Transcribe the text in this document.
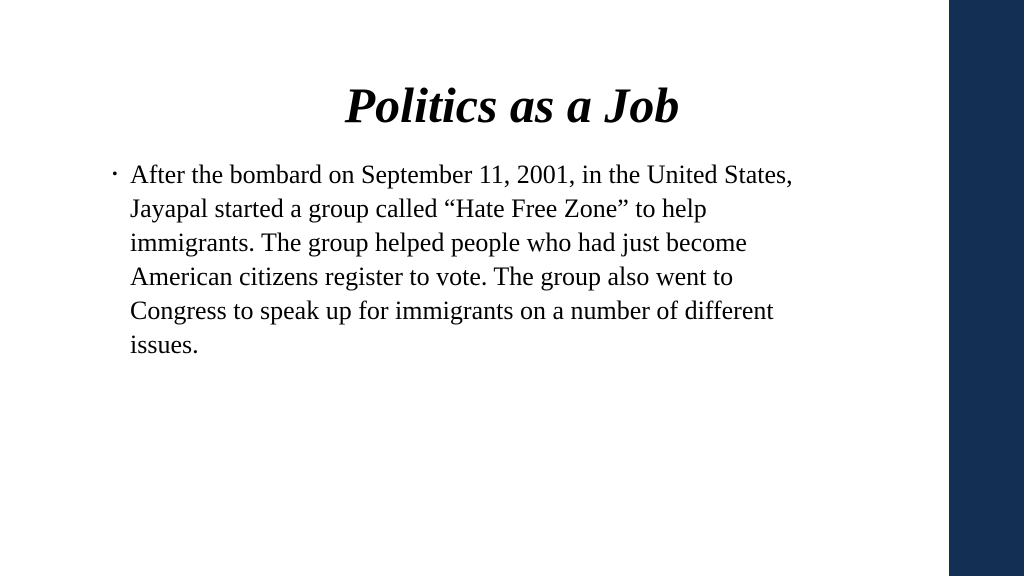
Politics as a Job
• After the bombard on September 11, 2001, in the United States, Jayapal started a group called “Hate Free Zone” to help immigrants. The group helped people who had just become American citizens register to vote. The group also went to Congress to speak up for immigrants on a number of different issues.
